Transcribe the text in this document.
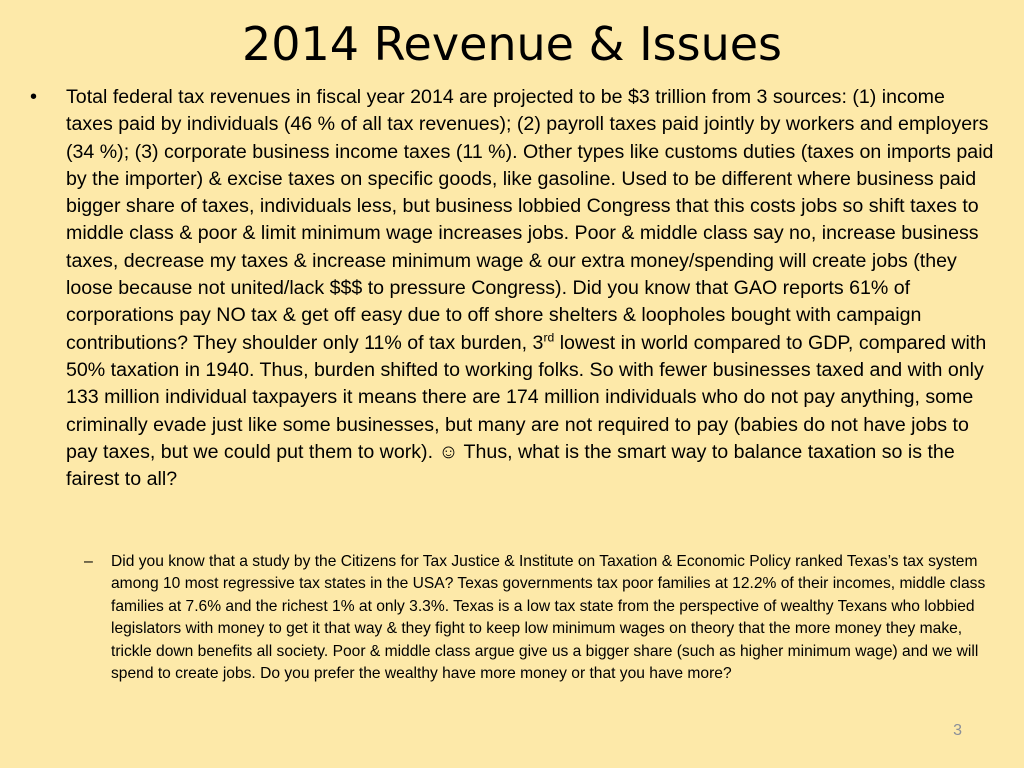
2014 Revenue & Issues
• Total federal tax revenues in fiscal year 2014 are projected to be $3 trillion from 3 sources: (1) income taxes paid by individuals (46 % of all tax revenues); (2) payroll taxes paid jointly by workers and employers (34 %); (3) corporate business income taxes (11 %). Other types like customs duties (taxes on imports paid by the importer) & excise taxes on specific goods, like gasoline. Used to be different where business paid bigger share of taxes, individuals less, but business lobbied Congress that this costs jobs so shift taxes to middle class & poor & limit minimum wage increases jobs. Poor & middle class say no, increase business taxes, decrease my taxes & increase minimum wage & our extra money/spending will create jobs (they loose because not united/lack $$$ to pressure Congress). Did you know that GAO reports 61% of corporations pay NO tax & get off easy due to off shore shelters & loopholes bought with campaign contributions? They shoulder only 11% of tax burden, 3rd lowest in world compared to GDP, compared with 50% taxation in 1940. Thus, burden shifted to working folks. So with fewer businesses taxed and with only 133 million individual taxpayers it means there are 174 million individuals who do not pay anything, some criminally evade just like some businesses, but many are not required to pay (babies do not have jobs to pay taxes, but we could put them to work). ☺ Thus, what is the smart way to balance taxation so is the fairest to all?
– Did you know that a study by the Citizens for Tax Justice & Institute on Taxation & Economic Policy ranked Texas’s tax system among 10 most regressive tax states in the USA? Texas governments tax poor families at 12.2% of their incomes, middle class families at 7.6% and the richest 1% at only 3.3%. Texas is a low tax state from the perspective of wealthy Texans who lobbied legislators with money to get it that way & they fight to keep low minimum wages on theory that the more money they make, trickle down benefits all society. Poor & middle class argue give us a bigger share (such as higher minimum wage) and we will spend to create jobs. Do you prefer the wealthy have more money or that you have more?
3
